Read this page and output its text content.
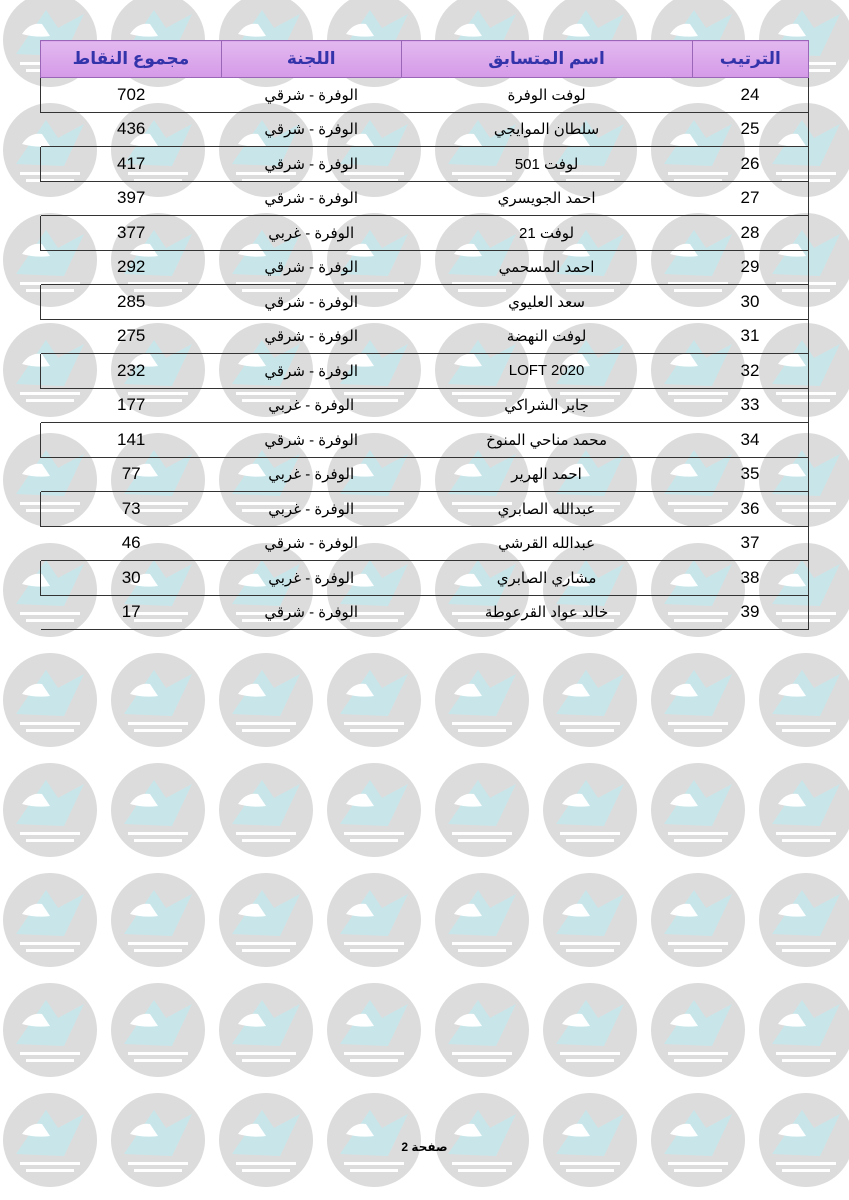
الترتيب	اسم المتسابق	اللجنة	مجموع النقاط
24	لوفت الوفرة	الوفرة - شرقي	702
25	سلطان الموايجي	الوفرة - شرقي	436
26	لوفت 501	الوفرة - شرقي	417
27	احمد الجويسري	الوفرة - شرقي	397
28	لوفت 21	الوفرة - غربي	377
29	احمد المسحمي	الوفرة - شرقي	292
30	سعد العليوي	الوفرة - شرقي	285
31	لوفت النهضة	الوفرة - شرقي	275
32	LOFT 2020	الوفرة - شرقي	232
33	جابر الشراكي	الوفرة - غربي	177
34	محمد مناحي المنوخ	الوفرة - شرقي	141
35	احمد الهرير	الوفرة - غربي	77
36	عبدالله الصابري	الوفرة - غربي	73
37	عبدالله القرشي	الوفرة - شرقي	46
38	مشاري الصابري	الوفرة - غربي	30
39	خالد عواد القرعوطة	الوفرة - شرقي	17
صفحة 2
